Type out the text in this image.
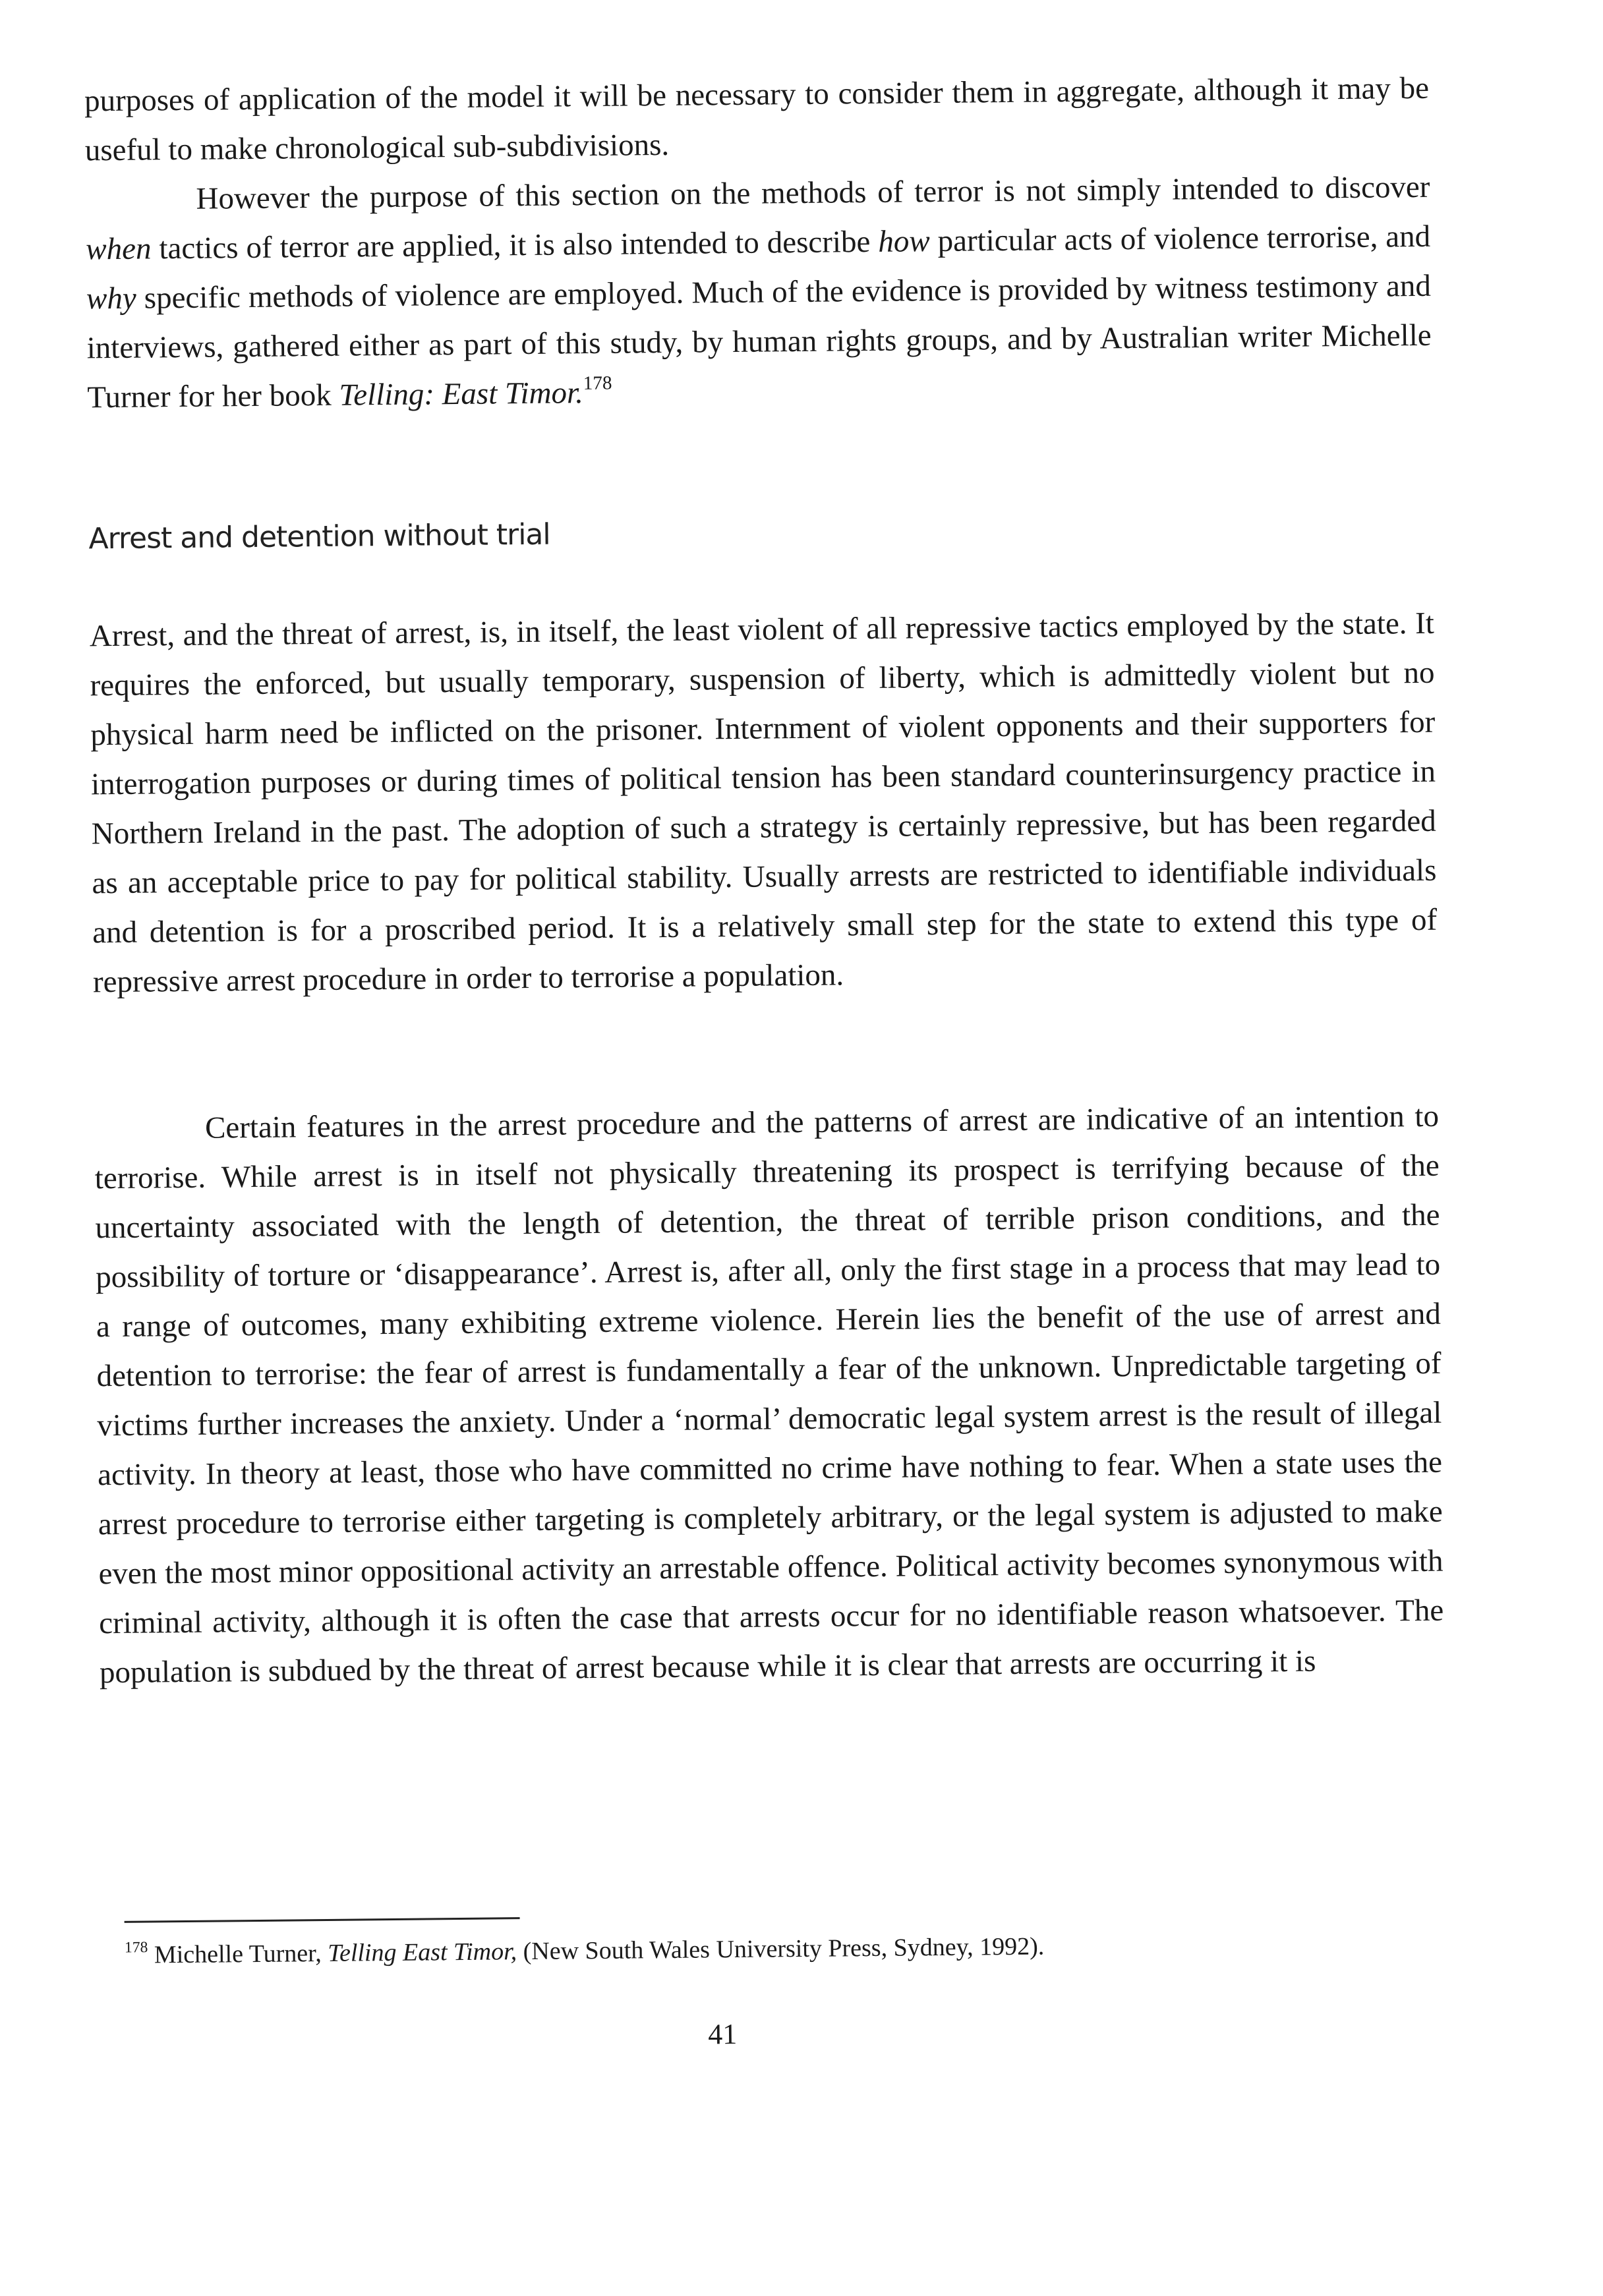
purposes of application of the model it will be necessary to consider them in aggregate, although it may be useful to make chronological sub-subdivisions.

However the purpose of this section on the methods of terror is not simply intended to discover when tactics of terror are applied, it is also intended to describe how particular acts of violence terrorise, and why specific methods of violence are employed. Much of the evidence is provided by witness testimony and interviews, gathered either as part of this study, by human rights groups, and by Australian writer Michelle Turner for her book Telling: East Timor.$^{178}$

Arrest and detention without trial

Arrest, and the threat of arrest, is, in itself, the least violent of all repressive tactics employed by the state. It requires the enforced, but usually temporary, suspension of liberty, which is admittedly violent but no physical harm need be inflicted on the prisoner. Internment of violent opponents and their supporters for interrogation purposes or during times of political tension has been standard counterinsurgency practice in Northern Ireland in the past. The adoption of such a strategy is certainly repressive, but has been regarded as an acceptable price to pay for political stability. Usually arrests are restricted to identifiable individuals and detention is for a proscribed period. It is a relatively small step for the state to extend this type of repressive arrest procedure in order to terrorise a population.

Certain features in the arrest procedure and the patterns of arrest are indicative of an intention to terrorise. While arrest is in itself not physically threatening its prospect is terrifying because of the uncertainty associated with the length of detention, the threat of terrible prison conditions, and the possibility of torture or ‘disappearance’. Arrest is, after all, only the first stage in a process that may lead to a range of outcomes, many exhibiting extreme violence. Herein lies the benefit of the use of arrest and detention to terrorise: the fear of arrest is fundamentally a fear of the unknown. Unpredictable targeting of victims further increases the anxiety. Under a ‘normal’ democratic legal system arrest is the result of illegal activity. In theory at least, those who have committed no crime have nothing to fear. When a state uses the arrest procedure to terrorise either targeting is completely arbitrary, or the legal system is adjusted to make even the most minor oppositional activity an arrestable offence. Political activity becomes synonymous with criminal activity, although it is often the case that arrests occur for no identifiable reason whatsoever. The population is subdued by the threat of arrest because while it is clear that arrests are occurring it is

$^{178}$ Michelle Turner, Telling East Timor, (New South Wales University Press, Sydney, 1992).
41
